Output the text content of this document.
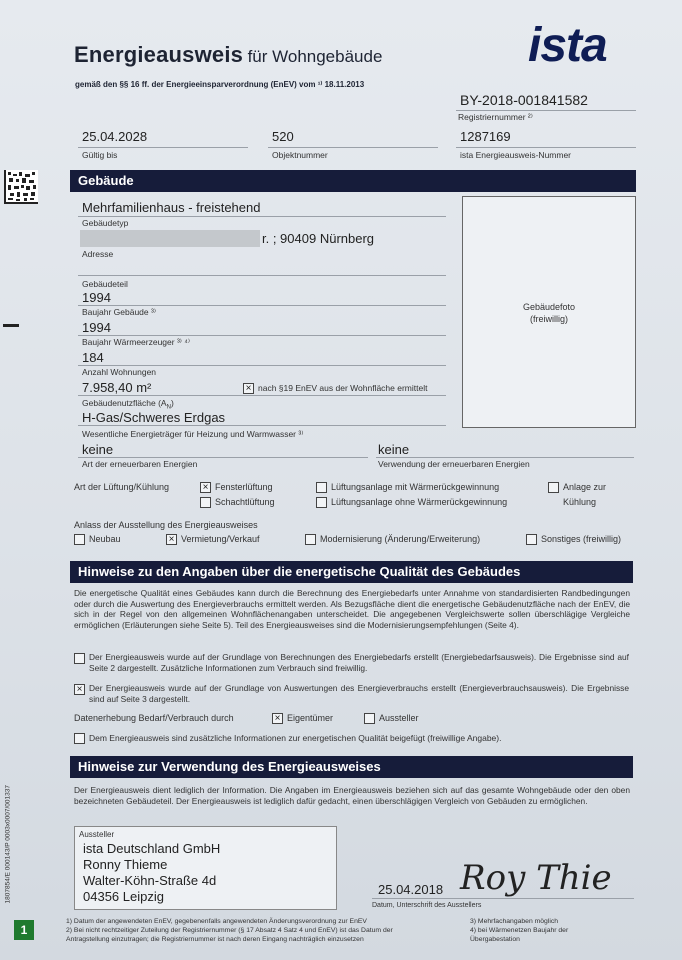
Energieausweis für Wohngebäude
gemäß den §§ 16 ff. der Energieeinsparverordnung (EnEV) vom ¹⁾ 18.11.2013
ista
BY-2018-001841582
Registriernummer ²⁾
25.04.2028
Gültig bis
520
Objektnummer
1287169
ista Energieausweis-Nummer
Gebäude
Mehrfamilienhaus - freistehend
Gebäudetyp
r. ; 90409 Nürnberg
Adresse
Gebäudeteil
1994
Baujahr Gebäude ³⁾
1994
Baujahr Wärmeerzeuger ³⁾ ⁴⁾
184
Anzahl Wohnungen
7.958,40 m²	× nach §19 EnEV aus der Wohnfläche ermittelt
Gebäudenutzfläche $(A_N)$
H-Gas/Schweres Erdgas
Wesentliche Energieträger für Heizung und Warmwasser ³⁾
keine
Art der erneuerbaren Energien
keine
Verwendung der erneuerbaren Energien
Gebäudefoto
(freiwillig)
Art der Lüftung/Kühlung	× Fensterlüftung
Schachtlüftung
Lüftungsanlage mit Wärmerückgewinnung
Lüftungsanlage ohne Wärmerückgewinnung
Anlage zur
Kühlung
Anlass der Ausstellung des Energieausweises
Neubau	× Vermietung/Verkauf	Modernisierung (Änderung/Erweiterung)	Sonstiges (freiwillig)
Hinweise zu den Angaben über die energetische Qualität des Gebäudes
Die energetische Qualität eines Gebäudes kann durch die Berechnung des Energiebedarfs unter Annahme von standardisierten Randbedingungen oder durch die Auswertung des Energieverbrauchs ermittelt werden. Als Bezugsfläche dient die energetische Gebäudenutzfläche nach der EnEV, die sich in der Regel von den allgemeinen Wohnflächenangaben unterscheidet. Die angegebenen Vergleichswerte sollen überschlägige Vergleiche ermöglichen (Erläuterungen siehe Seite 5). Teil des Energieausweises sind die Modernisierungsempfehlungen (Seite 4).
Der Energieausweis wurde auf der Grundlage von Berechnungen des Energiebedarfs erstellt (Energiebedarfsausweis). Die Ergebnisse sind auf Seite 2 dargestellt. Zusätzliche Informationen zum Verbrauch sind freiwillig.
× Der Energieausweis wurde auf der Grundlage von Auswertungen des Energieverbrauchs erstellt (Energieverbrauchsausweis). Die Ergebnisse sind auf Seite 3 dargestellt.
Datenerhebung Bedarf/Verbrauch durch	× Eigentümer	Aussteller
Dem Energieausweis sind zusätzliche Informationen zur energetischen Qualität beigefügt (freiwillige Angabe).
Hinweise zur Verwendung des Energieausweises
Der Energieausweis dient lediglich der Information. Die Angaben im Energieausweis beziehen sich auf das gesamte Wohngebäude oder den oben bezeichneten Gebäudeteil. Der Energieausweis ist lediglich dafür gedacht, einen überschlägigen Vergleich von Gebäuden zu ermöglichen.
Aussteller
ista Deutschland GmbH
Ronny Thieme
Walter-Köhn-Straße 4d
04356 Leipzig	25.04.2018 Roy Thie
Datum, Unterschrift des Ausstellers
1) Datum der angewendeten EnEV, gegebenenfalls angewendeten Änderungsverordnung zur EnEV
2) Bei nicht rechtzeitiger Zuteilung der Registriernummer (§ 17 Absatz 4 Satz 4 und EnEV) ist das Datum der
Antragstellung einzutragen; die Registriernummer ist nach deren Eingang nachträglich einzusetzen
3) Mehrfachangaben möglich
4) bei Wärmenetzen Baujahr der
Übergabestation
1807854/E 000143/P 0003x0007/001337
1
